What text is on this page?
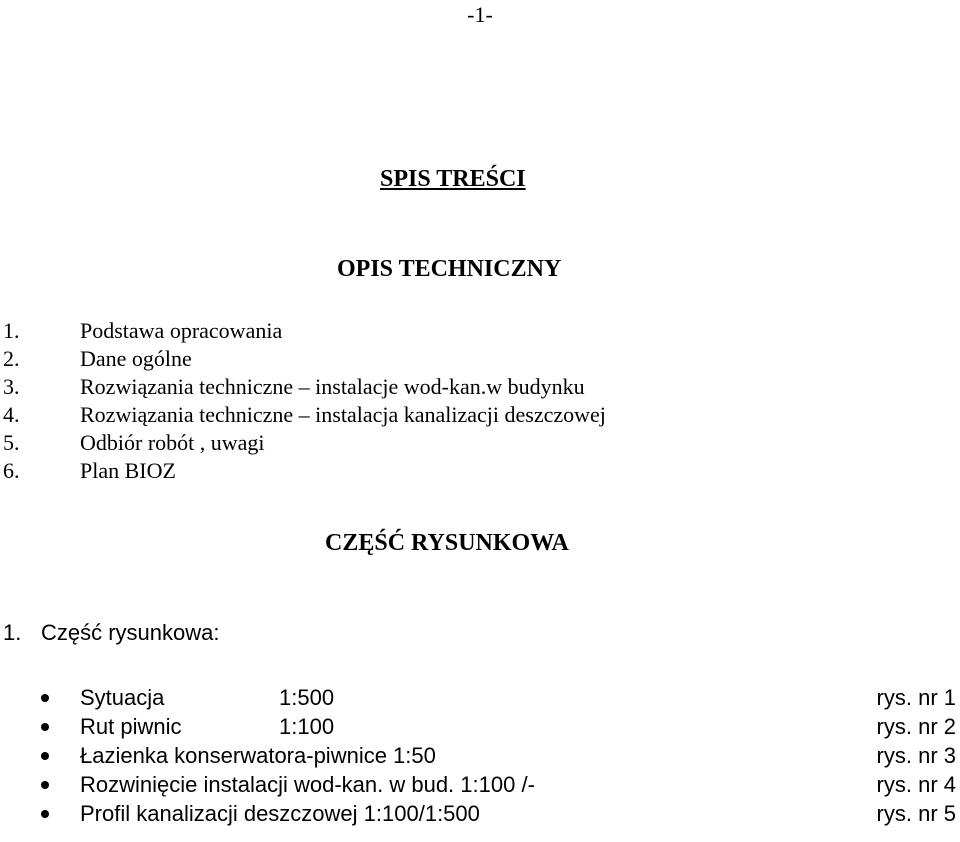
-1-
SPIS TREŚCI
OPIS TECHNICZNY
1.	Podstawa opracowania
2.	Dane ogólne
3.	Rozwiązania techniczne – instalacje wod-kan.w budynku
4.	Rozwiązania techniczne – instalacja kanalizacji deszczowej
5.	Odbiór robót , uwagi
6.	Plan BIOZ
CZĘŚĆ RYSUNKOWA
1. Część rysunkowa:
Sytuacja	1:500	rys. nr 1
Rut piwnic	1:100	rys. nr 2
Łazienka konserwatora-piwnice 1:50	rys. nr 3
Rozwinięcie instalacji wod-kan. w bud. 1:100 /-	rys. nr 4
Profil kanalizacji deszczowej 1:100/1:500	rys. nr 5
